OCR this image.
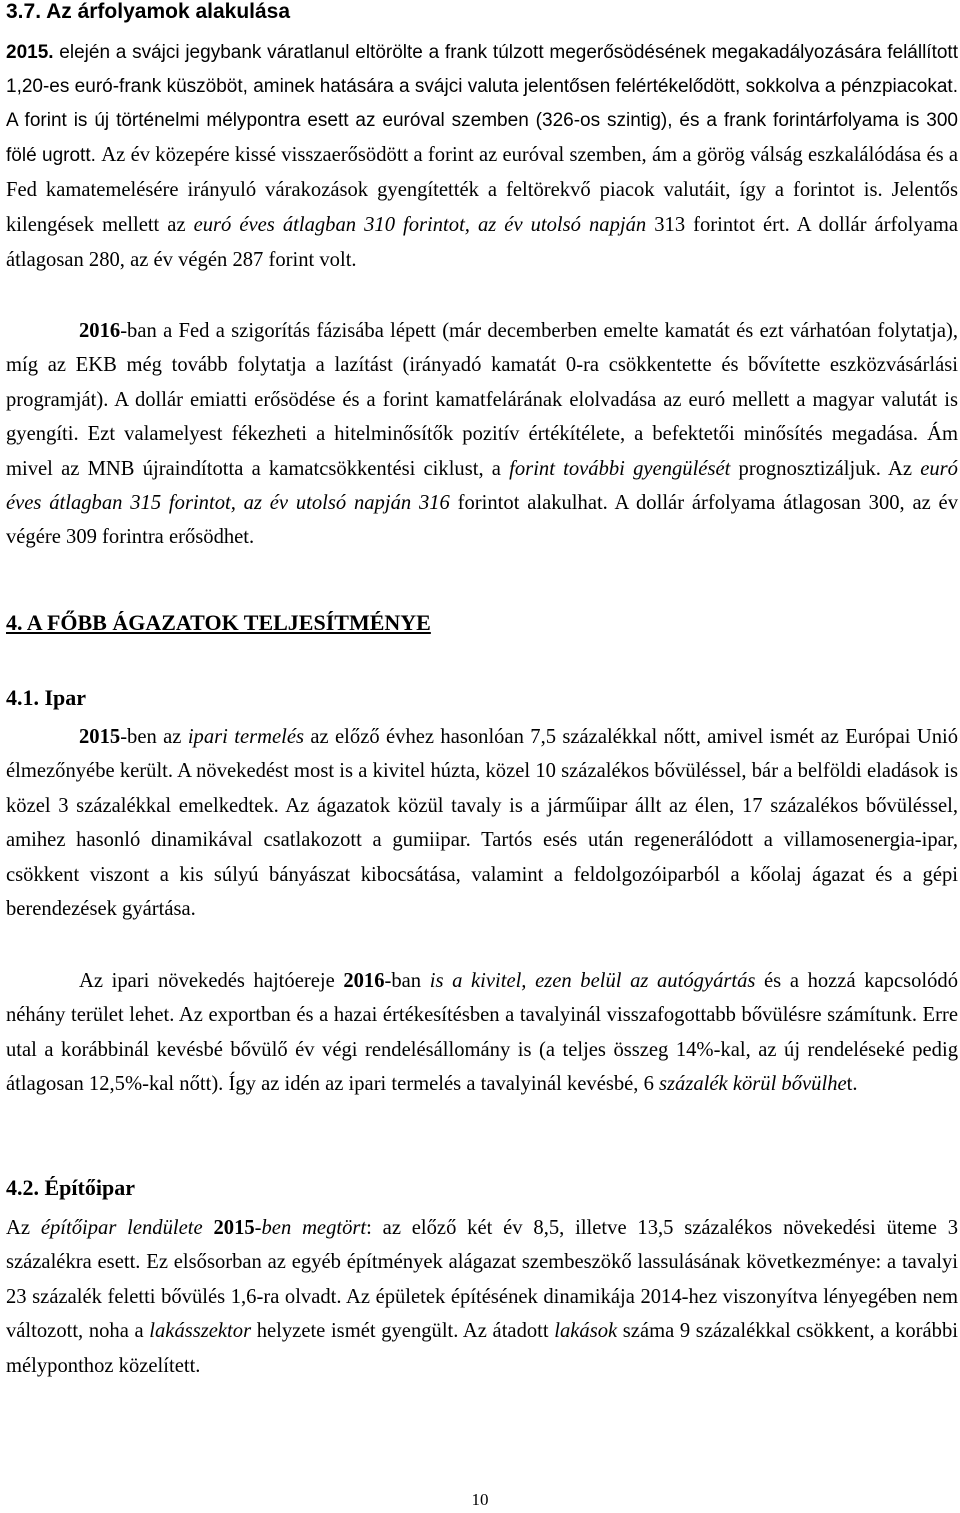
3.7. Az árfolyamok alakulása

2015. elején a svájci jegybank váratlanul eltörölte a frank túlzott megerősödésének megakadályozására felállított 1,20-es euró-frank küszöböt, aminek hatására a svájci valuta jelentősen felértékelődött, sokkolva a pénzpiacokat. A forint is új történelmi mélypontra esett az euróval szemben (326-os szintig), és a frank forintárfolyama is 300 fölé ugrott. Az év közepére kissé visszaerősödött a forint az euróval szemben, ám a görög válság eszkalálódása és a Fed kamatemelésére irányuló várakozások gyengítették a feltörekvő piacok valutáit, így a forintot is. Jelentős kilengések mellett az euró éves átlagban 310 forintot, az év utolsó napján 313 forintot ért. A dollár árfolyama átlagosan 280, az év végén 287 forint volt.

2016-ban a Fed a szigorítás fázisába lépett (már decemberben emelte kamatát és ezt várhatóan folytatja), míg az EKB még tovább folytatja a lazítást (irányadó kamatát 0-ra csökkentette és bővítette eszközvásárlási programját). A dollár emiatti erősödése és a forint kamatfelárának elolvadása az euró mellett a magyar valutát is gyengíti. Ezt valamelyest fékezheti a hitelminősítők pozitív értékítélete, a befektetői minősítés megadása. Ám mivel az MNB újraindította a kamatcsökkentési ciklust, a forint további gyengülését prognosztizáljuk. Az euró éves átlagban 315 forintot, az év utolsó napján 316 forintot alakulhat. A dollár árfolyama átlagosan 300, az év végére 309 forintra erősödhet.

4. A FŐBB ÁGAZATOK TELJESÍTMÉNYE
4.1. Ipar

2015-ben az ipari termelés az előző évhez hasonlóan 7,5 százalékkal nőtt, amivel ismét az Európai Unió élmezőnyébe került. A növekedést most is a kivitel húzta, közel 10 százalékos bővüléssel, bár a belföldi eladások is közel 3 százalékkal emelkedtek. Az ágazatok közül tavaly is a járműipar állt az élen, 17 százalékos bővüléssel, amihez hasonló dinamikával csatlakozott a gumiipar. Tartós esés után regenerálódott a villamosenergia-ipar, csökkent viszont a kis súlyú bányászat kibocsátása, valamint a feldolgozóiparból a kőolaj ágazat és a gépi berendezések gyártása.

Az ipari növekedés hajtóereje 2016-ban is a kivitel, ezen belül az autógyártás és a hozzá kapcsolódó néhány terület lehet. Az exportban és a hazai értékesítésben a tavalyinál visszafogottabb bővülésre számítunk. Erre utal a korábbinál kevésbé bővülő év végi rendelésállomány is (a teljes összeg 14%-kal, az új rendeléseké pedig átlagosan 12,5%-kal nőtt). Így az idén az ipari termelés a tavalyinál kevésbé, 6 százalék körül bővülhet.

4.2. Építőipar

Az építőipar lendülete 2015-ben megtört: az előző két év 8,5, illetve 13,5 százalékos növekedési üteme 3 százalékra esett. Ez elsősorban az egyéb építmények alágazat szembeszökő lassulásának következménye: a tavalyi 23 százalék feletti bővülés 1,6-ra olvadt. Az épületek építésének dinamikája 2014-hez viszonyítva lényegében nem változott, noha a lakásszektor helyzete ismét gyengült. Az átadott lakások száma 9 százalékkal csökkent, a korábbi mélyponthoz közelített.

10
